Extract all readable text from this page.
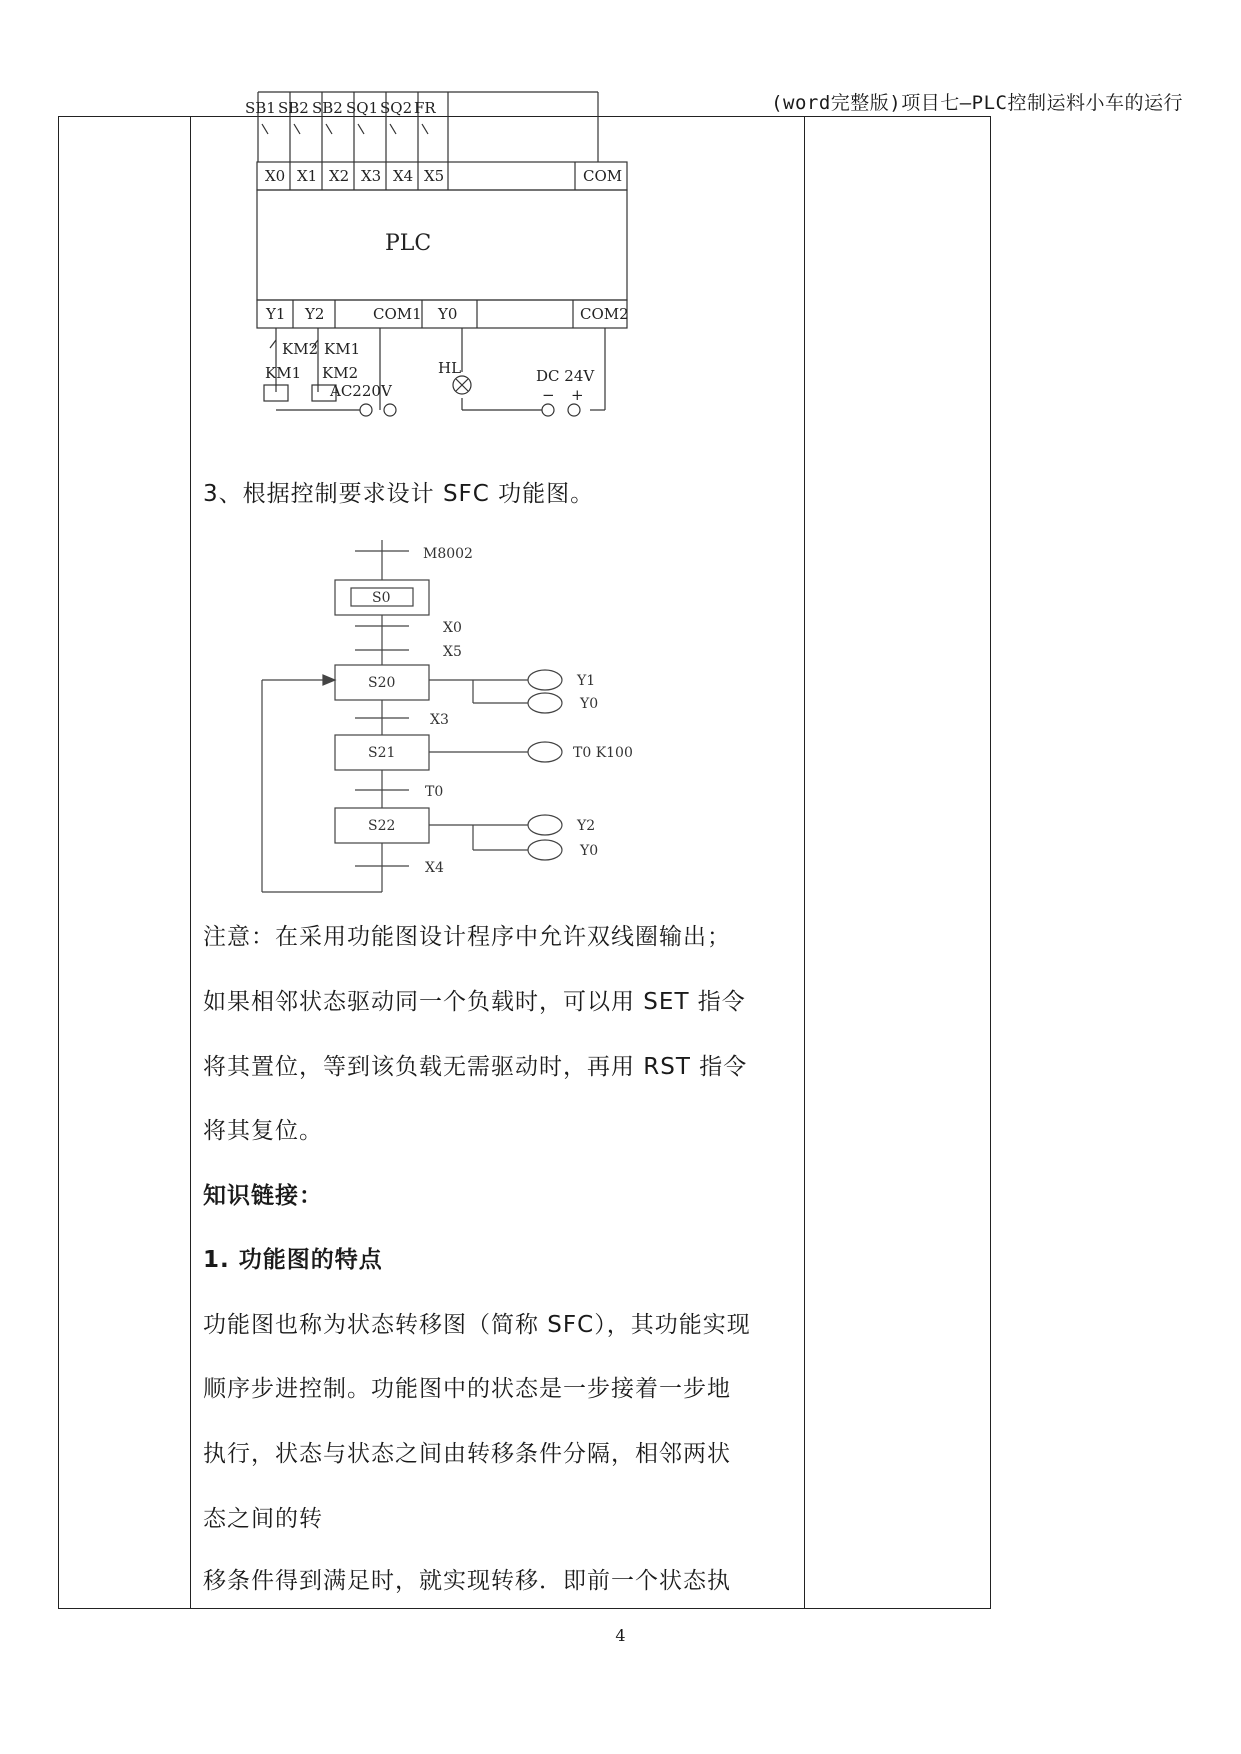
(word完整版)项目七—PLC控制运料小车的运行
SB1 SB2 SB2 SQ1 SQ2 FR
X0 X1 X2 X3 X4 X5	COM
PLC
Y1 Y2	COM1 Y0	COM2
KM2 KM1
KM1 KM2
AC220V
HL	DC 24V
− +
3、根据控制要求设计 SFC 功能图。
M8002
S0
S20
S21
S22
X0
X5
X3
T0
X4
Y1
Y0
T0 K100
Y2
Y0
注意：在采用功能图设计程序中允许双线圈输出；
如果相邻状态驱动同一个负载时，可以用 SET 指令
将其置位，等到该负载无需驱动时，再用 RST 指令
将其复位。
知识链接：
1. 功能图的特点
功能图也称为状态转移图（简称 SFC），其功能实现
顺序步进控制。功能图中的状态是一步接着一步地
执行，状态与状态之间由转移条件分隔，相邻两状
态之间的转
移条件得到满足时，就实现转移．即前一个状态执
4
